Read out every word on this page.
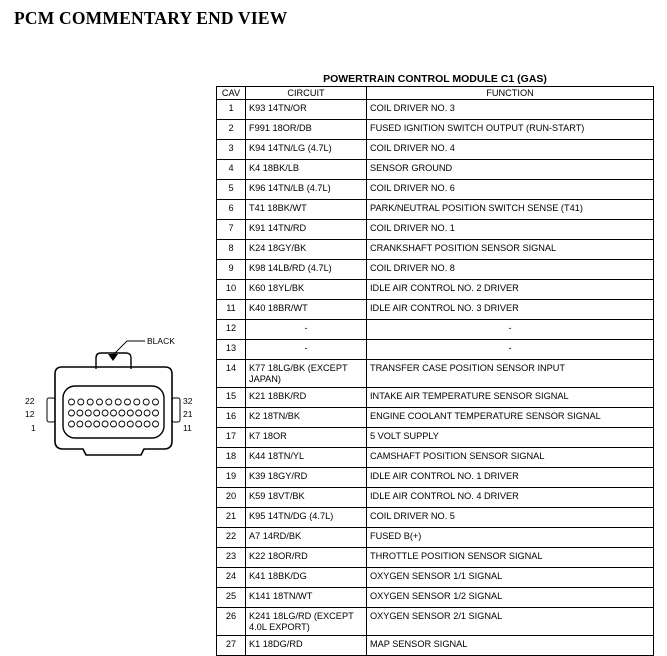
PCM COMMENTARY END VIEW
BLACK
22
12
1
32
21
11
POWERTRAIN CONTROL MODULE C1 (GAS)
CAV	CIRCUIT	FUNCTION
1	K93 14TN/OR	COIL DRIVER NO. 3
2	F991 18OR/DB	FUSED IGNITION SWITCH OUTPUT (RUN-START)
3	K94 14TN/LG (4.7L)	COIL DRIVER NO. 4
4	K4 18BK/LB	SENSOR GROUND
5	K96 14TN/LB (4.7L)	COIL DRIVER NO. 6
6	T41 18BK/WT	PARK/NEUTRAL POSITION SWITCH SENSE (T41)
7	K91 14TN/RD	COIL DRIVER NO. 1
8	K24 18GY/BK	CRANKSHAFT POSITION SENSOR SIGNAL
9	K98 14LB/RD (4.7L)	COIL DRIVER NO. 8
10	K60 18YL/BK	IDLE AIR CONTROL NO. 2 DRIVER
11	K40 18BR/WT	IDLE AIR CONTROL NO. 3 DRIVER
12	-	-
13	-	-
14	K77 18LG/BK (EXCEPT JAPAN)	TRANSFER CASE POSITION SENSOR INPUT
15	K21 18BK/RD	INTAKE AIR TEMPERATURE SENSOR SIGNAL
16	K2 18TN/BK	ENGINE COOLANT TEMPERATURE SENSOR SIGNAL
17	K7 18OR	5 VOLT SUPPLY
18	K44 18TN/YL	CAMSHAFT POSITION SENSOR SIGNAL
19	K39 18GY/RD	IDLE AIR CONTROL NO. 1 DRIVER
20	K59 18VT/BK	IDLE AIR CONTROL NO. 4 DRIVER
21	K95 14TN/DG (4.7L)	COIL DRIVER NO. 5
22	A7 14RD/BK	FUSED B(+)
23	K22 18OR/RD	THROTTLE POSITION SENSOR SIGNAL
24	K41 18BK/DG	OXYGEN SENSOR 1/1 SIGNAL
25	K141 18TN/WT	OXYGEN SENSOR 1/2 SIGNAL
26	K241 18LG/RD (EXCEPT 4.0L EXPORT)	OXYGEN SENSOR 2/1 SIGNAL
27	K1 18DG/RD	MAP SENSOR SIGNAL
